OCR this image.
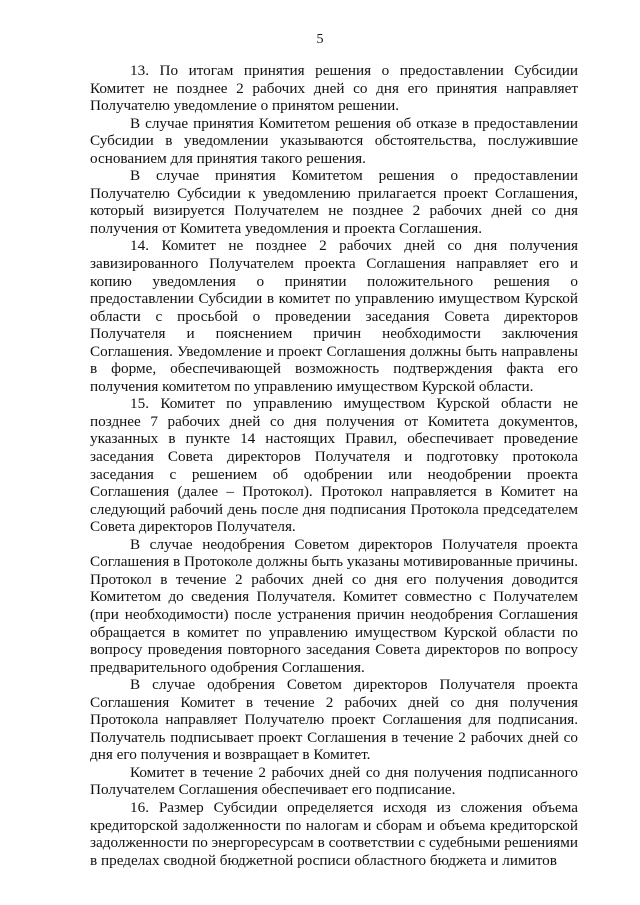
5

13. По итогам принятия решения о предоставлении Субсидии Комитет не позднее 2 рабочих дней со дня его принятия направляет Получателю уведомление о принятом решении.

В случае принятия Комитетом решения об отказе в предоставлении Субсидии в уведомлении указываются обстоятельства, послужившие основанием для принятия такого решения.

В случае принятия Комитетом решения о предоставлении Получателю Субсидии к уведомлению прилагается проект Соглашения, который визируется Получателем не позднее 2 рабочих дней со дня получения от Комитета уведомления и проекта Соглашения.

14. Комитет не позднее 2 рабочих дней со дня получения завизированного Получателем проекта Соглашения направляет его и копию уведомления о принятии положительного решения о предоставлении Субсидии в комитет по управлению имуществом Курской области с просьбой о проведении заседания Совета директоров Получателя и пояснением причин необходимости заключения Соглашения. Уведомление и проект Соглашения должны быть направлены в форме, обеспечивающей возможность подтверждения факта его получения комитетом по управлению имуществом Курской области.

15. Комитет по управлению имуществом Курской области не позднее 7 рабочих дней со дня получения от Комитета документов, указанных в пункте 14 настоящих Правил, обеспечивает проведение заседания Совета директоров Получателя и подготовку протокола заседания с решением об одобрении или неодобрении проекта Соглашения (далее – Протокол). Протокол направляется в Комитет на следующий рабочий день после дня подписания Протокола председателем Совета директоров Получателя.

В случае неодобрения Советом директоров Получателя проекта Соглашения в Протоколе должны быть указаны мотивированные причины. Протокол в течение 2 рабочих дней со дня его получения доводится Комитетом до сведения Получателя. Комитет совместно с Получателем (при необходимости) после устранения причин неодобрения Соглашения обращается в комитет по управлению имуществом Курской области по вопросу проведения повторного заседания Совета директоров по вопросу предварительного одобрения Соглашения.

В случае одобрения Советом директоров Получателя проекта Соглашения Комитет в течение 2 рабочих дней со дня получения Протокола направляет Получателю проект Соглашения для подписания. Получатель подписывает проект Соглашения в течение 2 рабочих дней со дня его получения и возвращает в Комитет.

Комитет в течение 2 рабочих дней со дня получения подписанного Получателем Соглашения обеспечивает его подписание.

16. Размер Субсидии определяется исходя из сложения объема кредиторской задолженности по налогам и сборам и объема кредиторской задолженности по энергоресурсам в соответствии с судебными решениями в пределах сводной бюджетной росписи областного бюджета и лимитов
